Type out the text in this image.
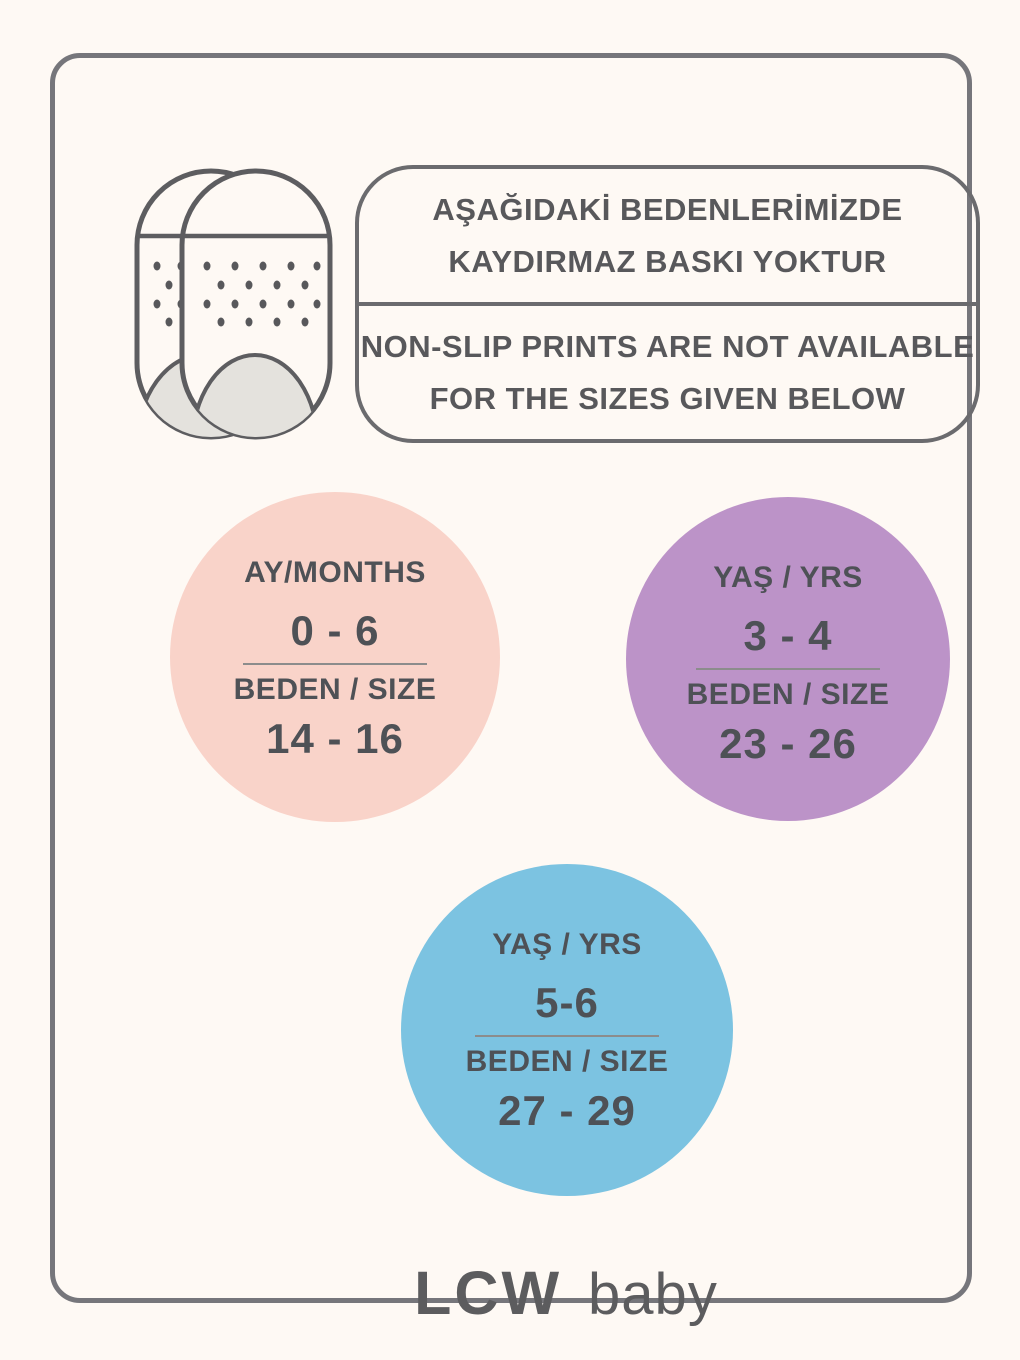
AŞAĞIDAKİ BEDENLERİMİZDE
KAYDIRMAZ BASKI YOKTUR
NON-SLIP PRINTS ARE NOT AVAILABLE
FOR THE SIZES GIVEN BELOW
AY/MONTHS
0 - 6
BEDEN / SIZE
14 - 16
YAŞ / YRS
3 - 4
BEDEN / SIZE
23 - 26
YAŞ / YRS
5-6
BEDEN / SIZE
27 - 29
LCW baby
